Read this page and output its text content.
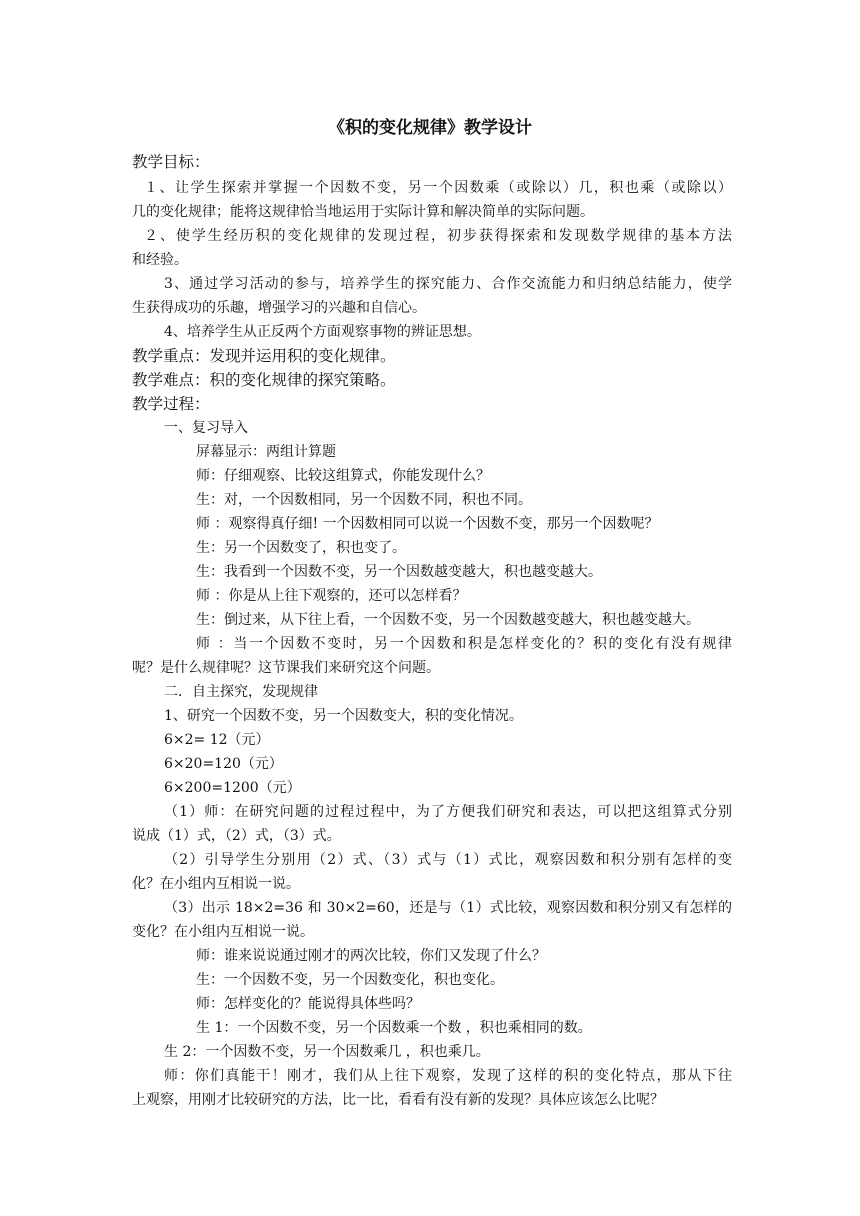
《积的变化规律》教学设计

教学目标：

１、让学生探索并掌握一个因数不变，另一个因数乘（或除以）几，积也乘（或除以）

几的变化规律；能将这规律恰当地运用于实际计算和解决简单的实际问题。

２、使学生经历积的变化规律的发现过程，初步获得探索和发现数学规律的基本方法

和经验。

3、通过学习活动的参与，培养学生的探究能力、合作交流能力和归纳总结能力，使学

生获得成功的乐趣，增强学习的兴趣和自信心。

4、培养学生从正反两个方面观察事物的辨证思想。

教学重点：发现并运用积的变化规律。

教学难点：积的变化规律的探究策略。

教学过程：

一、复习导入

屏幕显示：两组计算题

师：仔细观察、比较这组算式，你能发现什么？

生：对，一个因数相同，另一个因数不同，积也不同。

师 ：观察得真仔细! 一个因数相同可以说一个因数不变，那另一个因数呢？

生：另一个因数变了，积也变了。

生：我看到一个因数不变，另一个因数越变越大，积也越变越大。

师 ：你是从上往下观察的，还可以怎样看？

生：倒过来，从下往上看，一个因数不变，另一个因数越变越大，积也越变越大。

师 ：当一个因数不变时，另一个因数和积是怎样变化的？积的变化有没有规律

呢？是什么规律呢？这节课我们来研究这个问题。

二．自主探究，发现规律

1、研究一个因数不变，另一个因数变大，积的变化情况。

6×2= 12（元）

6×20=120（元）

6×200=1200（元）

（1）师：在研究问题的过程过程中，为了方便我们研究和表达，可以把这组算式分别

说成（1）式，（2）式，（3）式。

（2）引导学生分别用（2）式、（3）式与（1）式比，观察因数和积分别有怎样的变

化？在小组内互相说一说。

（3）出示 18×2=36 和 30×2=60，还是与（1）式比较，观察因数和积分别又有怎样的

变化？在小组内互相说一说。

师：谁来说说通过刚才的两次比较，你们又发现了什么？

生：一个因数不变，另一个因数变化，积也变化。

师：怎样变化的？能说得具体些吗？

生 1：一个因数不变，另一个因数乘一个数 ，积也乘相同的数。

生 2：一个因数不变，另一个因数乘几 ，积也乘几。

师：你们真能干！刚才，我们从上往下观察，发现了这样的积的变化特点，那从下往

上观察，用刚才比较研究的方法，比一比，看看有没有新的发现？具体应该怎么比呢？
